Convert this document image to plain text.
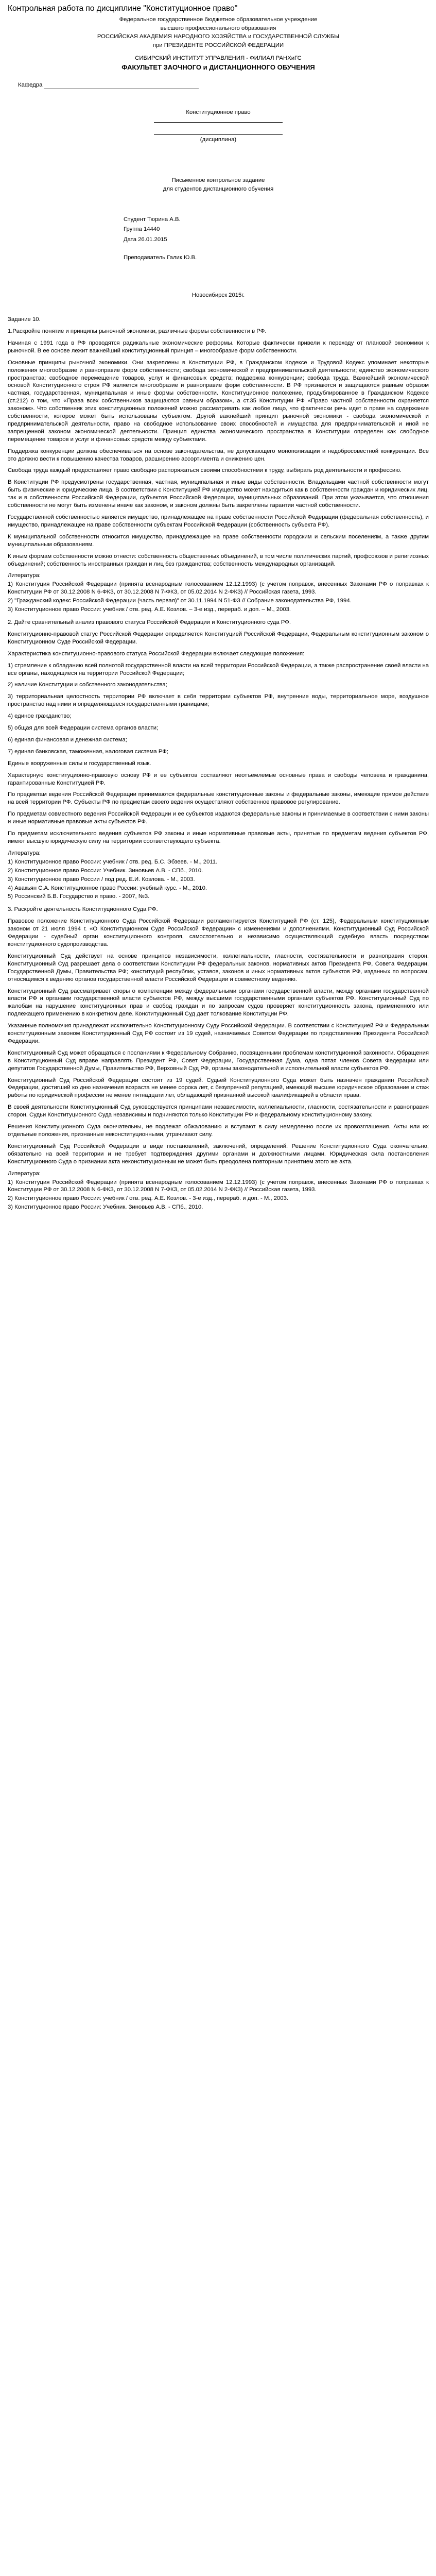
Контрольная работа по дисциплине "Конституционное право"
Федеральное государственное бюджетное образовательное учреждение
высшего профессионального образования
РОССИЙСКАЯ АКАДЕМИЯ НАРОДНОГО ХОЗЯЙСТВА и ГОСУДАРСТВЕННОЙ СЛУЖБЫ
при ПРЕЗИДЕНТЕ РОССИЙСКОЙ ФЕДЕРАЦИИ
СИБИРСКИЙ ИНСТИТУТ УПРАВЛЕНИЯ - ФИЛИАЛ РАНХиГС
ФАКУЛЬТЕТ ЗАОЧНОГО и ДИСТАНЦИОННОГО ОБУЧЕНИЯ
Кафедра
Конституционное право
(дисциплина)
Письменное контрольное задание
для студентов дистанционного обучения
Студент Тюрина А.В.
Группа 14440
Дата 26.01.2015
Преподаватель Галик Ю.В.
Новосибирск 2015г.
Задание 10.

1.Раскройте понятие и принципы рыночной экономики, различные формы собственности в РФ.

Начиная с 1991 года в РФ проводятся радикальные экономические реформы. Которые фактически привели к переходу от плановой экономики к рыночной. В ее основе лежит важнейший конституционный принцип – многообразие форм собственности.

Основные принципы рыночной экономики. Они закреплены в Конституции РФ, в Гражданском Кодексе и Трудовой Кодекс упоминает некоторые положения многообразие и равноправие форм собственности; свобода экономической и предпринимательской деятельности; единство экономического пространства; свободное перемещение товаров, услуг и финансовых средств; поддержка конкуренции; свобода труда. Важнейший экономической основой Конституционного строя РФ является многообразие и равноправие форм собственности. В РФ признаются и защищаются равным образом частная, государственная, муниципальная и иные формы собственности. Конституционное положение, продублированное в Гражданском Кодексе (ст.212) о том, что «Права всех собственников защищаются равным образом», а ст.35 Конституции РФ «Право частной собственности охраняется законом». Что собственник этих конституционных положений можно рассматривать как любое лицо, что фактически речь идет о праве на содержание собственности, которое может быть использованы субъектом. Другой важнейший принцип рыночной экономики - свобода экономической и предпринимательской деятельности, право на свободное использование своих способностей и имущества для предпринимательской и иной не запрещенной законом экономической деятельности. Принцип единства экономического пространства в Конституции определен как свободное перемещение товаров и услуг и финансовых средств между субъектами.

Поддержка конкуренции должна обеспечиваться на основе законодательства, не допускающего монополизации и недобросовестной конкуренции. Все это должно вести к повышению качества товаров, расширению ассортимента и снижению цен.

Свобода труда каждый предоставляет право свободно распоряжаться своими способностями к труду, выбирать род деятельности и профессию.

В Конституции РФ предусмотрены государственная, частная, муниципальная и иные виды собственности. Владельцами частной собственности могут быть физические и юридические лица. В соответствии с Конституцией РФ имущество может находиться как в собственности граждан и юридических лиц, так и в собственности Российской Федерации, субъектов Российской Федерации, муниципальных образований. При этом указывается, что отношения собственности не могут быть изменены иначе как законом, и законом должны быть закреплены гарантии частной собственности.

Государственной собственностью является имущество, принадлежащее на праве собственности Российской Федерации (федеральная собственность), и имущество, принадлежащее на праве собственности субъектам Российской Федерации (собственность субъекта РФ).

К муниципальной собственности относится имущество, принадлежащее на праве собственности городским и сельским поселениям, а также другим муниципальным образованиям.

К иным формам собственности можно отнести: собственность общественных объединений, в том числе политических партий, профсоюзов и религиозных объединений; собственность иностранных граждан и лиц без гражданства; собственность международных организаций.

Литература:
1) Конституция Российской Федерации (принята всенародным голосованием 12.12.1993) (с учетом поправок, внесенных Законами РФ о поправках к Конституции РФ от 30.12.2008 N 6-ФКЗ, от 30.12.2008 N 7-ФКЗ, от 05.02.2014 N 2-ФКЗ) // Российская газета, 1993.
2) "Гражданский кодекс Российской Федерации (часть первая)" от 30.11.1994 N 51-ФЗ // Собрание законодательства РФ, 1994.
3) Конституционное право России: учебник / отв. ред. А.Е. Козлов. – 3-е изд., перераб. и доп. – М., 2003.

2. Дайте сравнительный анализ правового статуса Российской Федерации и Конституционного суда РФ.

Конституционно-правовой статус Российской Федерации определяется Конституцией Российской Федерации, Федеральным конституционным законом о Конституционном Суде Российской Федерации.

Характеристика конституционно-правового статуса Российской Федерации включает следующие положения:

1) стремление к обладанию всей полнотой государственной власти на всей территории Российской Федерации, а также распространение своей власти на все органы, находящиеся на территории Российской Федерации;

2) наличие Конституции и собственного законодательства;

3) территориальная целостность территории РФ включает в себя территории субъектов РФ, внутренние воды, территориальное море, воздушное пространство над ними и определяющееся государственными границами;

4) единое гражданство;

5) общая для всей Федерации система органов власти;

6) единая финансовая и денежная система;

7) единая банковская, таможенная, налоговая система РФ;

Единые вооруженные силы и государственный язык.

Характерную конституционно-правовую основу РФ и ее субъектов составляют неотъемлемые основные права и свободы человека и гражданина, гарантированные Конституцией РФ.

По предметам ведения Российской Федерации принимаются федеральные конституционные законы и федеральные законы, имеющие прямое действие на всей территории РФ. Субъекты РФ по предметам своего ведения осуществляют собственное правовое регулирование.

По предметам совместного ведения Российской Федерации и ее субъектов издаются федеральные законы и принимаемые в соответствии с ними законы и иные нормативные правовые акты субъектов РФ.

По предметам исключительного ведения субъектов РФ законы и иные нормативные правовые акты, принятые по предметам ведения субъектов РФ, имеют высшую юридическую силу на территории соответствующего субъекта.

Литература:
1) Конституционное право России: учебник / отв. ред. Б.С. Эбзеев. - М., 2011.
2) Конституционное право России: Учебник. Зиновьев А.В. - СПб., 2010.
3) Конституционное право России / под ред. Е.И. Козлова. - М., 2003.
4) Авакьян С.А. Конституционное право России: учебный курс. - М., 2010.
5) Россинский Б.В. Государство и право. - 2007, №3.

3. Раскройте деятельность Конституционного Суда РФ.

Правовое положение Конституционного Суда Российской Федерации регламентируется Конституцией РФ (ст. 125), Федеральным конституционным законом от 21 июля 1994 г. «О Конституционном Суде Российской Федерации» с изменениями и дополнениями. Конституционный Суд Российской Федерации - судебный орган конституционного контроля, самостоятельно и независимо осуществляющий судебную власть посредством конституционного судопроизводства.

Конституционный Суд действует на основе принципов независимости, коллегиальности, гласности, состязательности и равноправия сторон. Конституционный Суд разрешает дела о соответствии Конституции РФ федеральных законов, нормативных актов Президента РФ, Совета Федерации, Государственной Думы, Правительства РФ; конституций республик, уставов, законов и иных нормативных актов субъектов РФ, изданных по вопросам, относящимся к ведению органов государственной власти Российской Федерации и совместному ведению.

Конституционный Суд рассматривает споры о компетенции между федеральными органами государственной власти, между органами государственной власти РФ и органами государственной власти субъектов РФ, между высшими государственными органами субъектов РФ. Конституционный Суд по жалобам на нарушение конституционных прав и свобод граждан и по запросам судов проверяет конституционность закона, примененного или подлежащего применению в конкретном деле. Конституционный Суд дает толкование Конституции РФ.

Указанные полномочия принадлежат исключительно Конституционному Суду Российской Федерации. В соответствии с Конституцией РФ и Федеральным конституционным законом Конституционный Суд РФ состоит из 19 судей, назначаемых Советом Федерации по представлению Президента Российской Федерации.

Конституционный Суд может обращаться с посланиями к Федеральному Собранию, посвященными проблемам конституционной законности. Обращения в Конституционный Суд вправе направлять Президент РФ, Совет Федерации, Государственная Дума, одна пятая членов Совета Федерации или депутатов Государственной Думы, Правительство РФ, Верховный Суд РФ, органы законодательной и исполнительной власти субъектов РФ.

Конституционный Суд Российской Федерации состоит из 19 судей. Судьей Конституционного Суда может быть назначен гражданин Российской Федерации, достигший ко дню назначения возраста не менее сорока лет, с безупречной репутацией, имеющий высшее юридическое образование и стаж работы по юридической профессии не менее пятнадцати лет, обладающий признанной высокой квалификацией в области права.

В своей деятельности Конституционный Суд руководствуется принципами независимости, коллегиальности, гласности, состязательности и равноправия сторон. Судьи Конституционного Суда независимы и подчиняются только Конституции РФ и федеральному конституционному закону.

Решения Конституционного Суда окончательны, не подлежат обжалованию и вступают в силу немедленно после их провозглашения. Акты или их отдельные положения, признанные неконституционными, утрачивают силу.

Конституционный Суд Российской Федерации в виде постановлений, заключений, определений. Решение Конституционного Суда окончательно, обязательно на всей территории и не требует подтверждения другими органами и должностными лицами. Юридическая сила постановления Конституционного Суда о признании акта неконституционным не может быть преодолена повторным принятием этого же акта.

Литература:
1) Конституция Российской Федерации (принята всенародным голосованием 12.12.1993) (с учетом поправок, внесенных Законами РФ о поправках к Конституции РФ от 30.12.2008 N 6-ФКЗ, от 30.12.2008 N 7-ФКЗ, от 05.02.2014 N 2-ФКЗ) // Российская газета, 1993.
2) Конституционное право России: учебник / отв. ред. А.Е. Козлов. - 3-е изд., перераб. и доп. - М., 2003.
3) Конституционное право России: Учебник. Зиновьев А.В. - СПб., 2010.
